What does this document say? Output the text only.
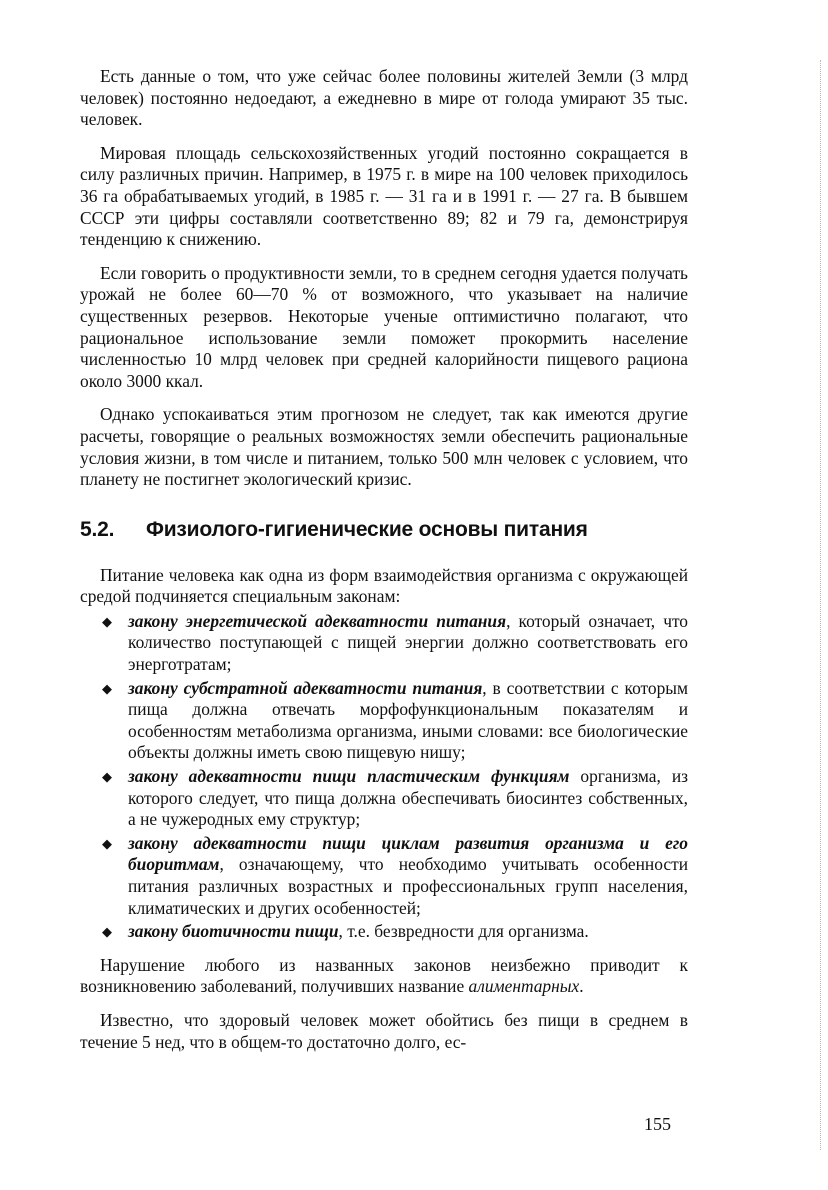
Есть данные о том, что уже сейчас более половины жителей Земли (3 млрд человек) постоянно недоедают, а ежедневно в мире от голода умирают 35 тыс. человек.

Мировая площадь сельскохозяйственных угодий постоянно сокращается в силу различных причин. Например, в 1975 г. в мире на 100 человек приходилось 36 га обрабатываемых угодий, в 1985 г. — 31 га и в 1991 г. — 27 га. В бывшем СССР эти цифры составляли соответственно 89; 82 и 79 га, демонстрируя тенденцию к снижению.

Если говорить о продуктивности земли, то в среднем сегодня удается получать урожай не более 60—70 % от возможного, что указывает на наличие существенных резервов. Некоторые ученые оптимистично полагают, что рациональное использование земли поможет прокормить население численностью 10 млрд человек при средней калорийности пищевого рациона около 3000 ккал.

Однако успокаиваться этим прогнозом не следует, так как имеются другие расчеты, говорящие о реальных возможностях земли обеспечить рациональные условия жизни, в том числе и питанием, только 500 млн человек с условием, что планету не постигнет экологический кризис.

5.2. Физиолого-гигиенические основы питания

Питание человека как одна из форм взаимодействия организма с окружающей средой подчиняется специальным законам:

◆ закону энергетической адекватности питания, который означает, что количество поступающей с пищей энергии должно соответствовать его энерготратам;
◆ закону субстратной адекватности питания, в соответствии с которым пища должна отвечать морфофункциональным показателям и особенностям метаболизма организма, иными словами: все биологические объекты должны иметь свою пищевую нишу;
◆ закону адекватности пищи пластическим функциям организма, из которого следует, что пища должна обеспечивать биосинтез собственных, а не чужеродных ему структур;
◆ закону адекватности пищи циклам развития организма и его биоритмам, означающему, что необходимо учитывать особенности питания различных возрастных и профессиональных групп населения, климатических и других особенностей;
◆ закону биотичности пищи, т.е. безвредности для организма.

Нарушение любого из названных законов неизбежно приводит к возникновению заболеваний, получивших название алиментарных.

Известно, что здоровый человек может обойтись без пищи в среднем в течение 5 нед, что в общем-то достаточно долго, ес-

155
